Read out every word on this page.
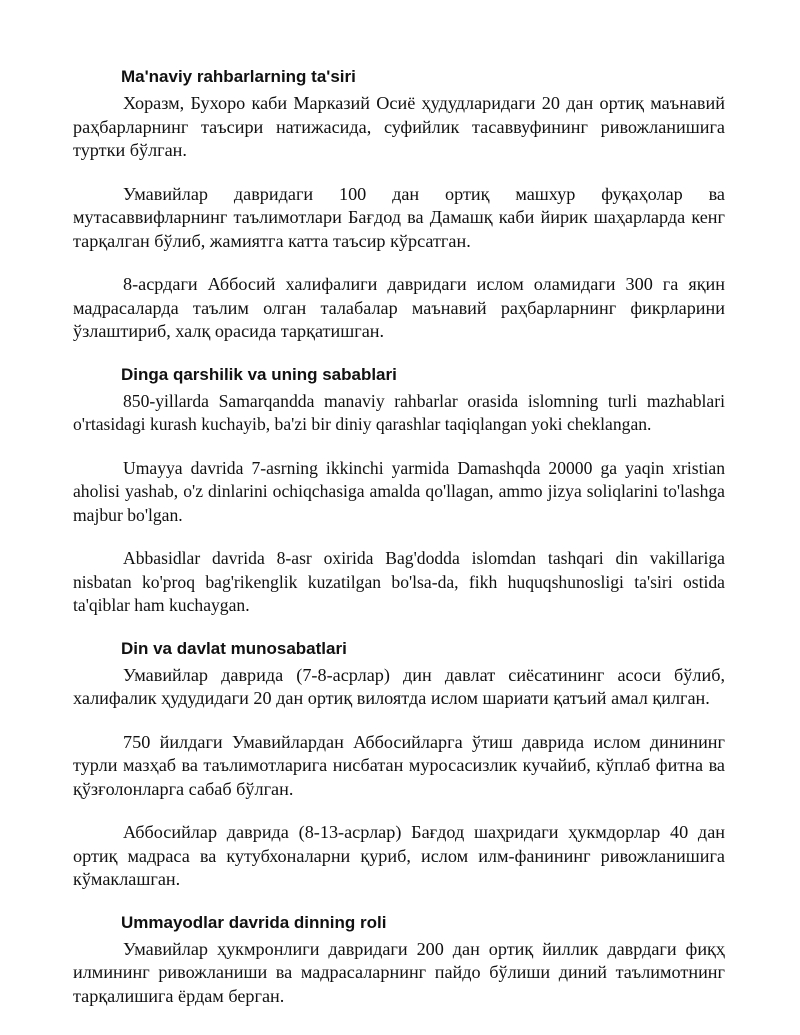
Ma'naviy rahbarlarning ta'siri

Хоразм, Бухоро каби Марказий Осиё ҳудудларидаги 20 дан ортиқ маънавий раҳбарларнинг таъсири натижасида, суфийлик тасаввуфининг ривожланишига туртки бўлган.

Умавийлар давридаги 100 дан ортиқ машхур фуқаҳолар ва мутасаввифларнинг таълимотлари Бағдод ва Дамашқ каби йирик шаҳарларда кенг тарқалган бўлиб, жамиятга катта таъсир кўрсатган.

8-асрдаги Аббосий халифалиги давридаги ислом оламидаги 300 га яқин мадрасаларда таълим олган талабалар маънавий раҳбарларнинг фикрларини ўзлаштириб, халқ орасида тарқатишган.

Dinga qarshilik va uning sabablari

850-yillarda Samarqandda manaviy rahbarlar orasida islomning turli mazhablari o'rtasidagi kurash kuchayib, ba'zi bir diniy qarashlar taqiqlangan yoki cheklangan.

Umayya davrida 7-asrning ikkinchi yarmida Damashqda 20000 ga yaqin xristian aholisi yashab, o'z dinlarini ochiqchasiga amalda qo'llagan, ammo jizya soliqlarini to'lashga majbur bo'lgan.

Abbasidlar davrida 8-asr oxirida Bag'dodda islomdan tashqari din vakillariga nisbatan ko'proq bag'rikenglik kuzatilgan bo'lsa-da, fikh huquqshunosligi ta'siri ostida ta'qiblar ham kuchaygan.

Din va davlat munosabatlari

Умавийлар даврида (7-8-асрлар) дин давлат сиёсатининг асоси бўлиб, халифалик ҳудудидаги 20 дан ортиқ вилоятда ислом шариати қатъий амал қилган.

750 йилдаги Умавийлардан Аббосийларга ўтиш даврида ислом динининг турли мазҳаб ва таълимотларига нисбатан муросасизлик кучайиб, кўплаб фитна ва қўзғолонларга сабаб бўлган.

Аббосийлар даврида (8-13-асрлар) Бағдод шаҳридаги ҳукмдорлар 40 дан ортиқ мадраса ва кутубхоналарни қуриб, ислом илм-фанининг ривожланишига кўмаклашган.

Ummayodlar davrida dinning roli

Умавийлар ҳукмронлиги давридаги 200 дан ортиқ йиллик даврдаги фиқҳ илмининг ривожланиши ва мадрасаларнинг пайдо бўлиши диний таълимотнинг тарқалишига ёрдам берган.
